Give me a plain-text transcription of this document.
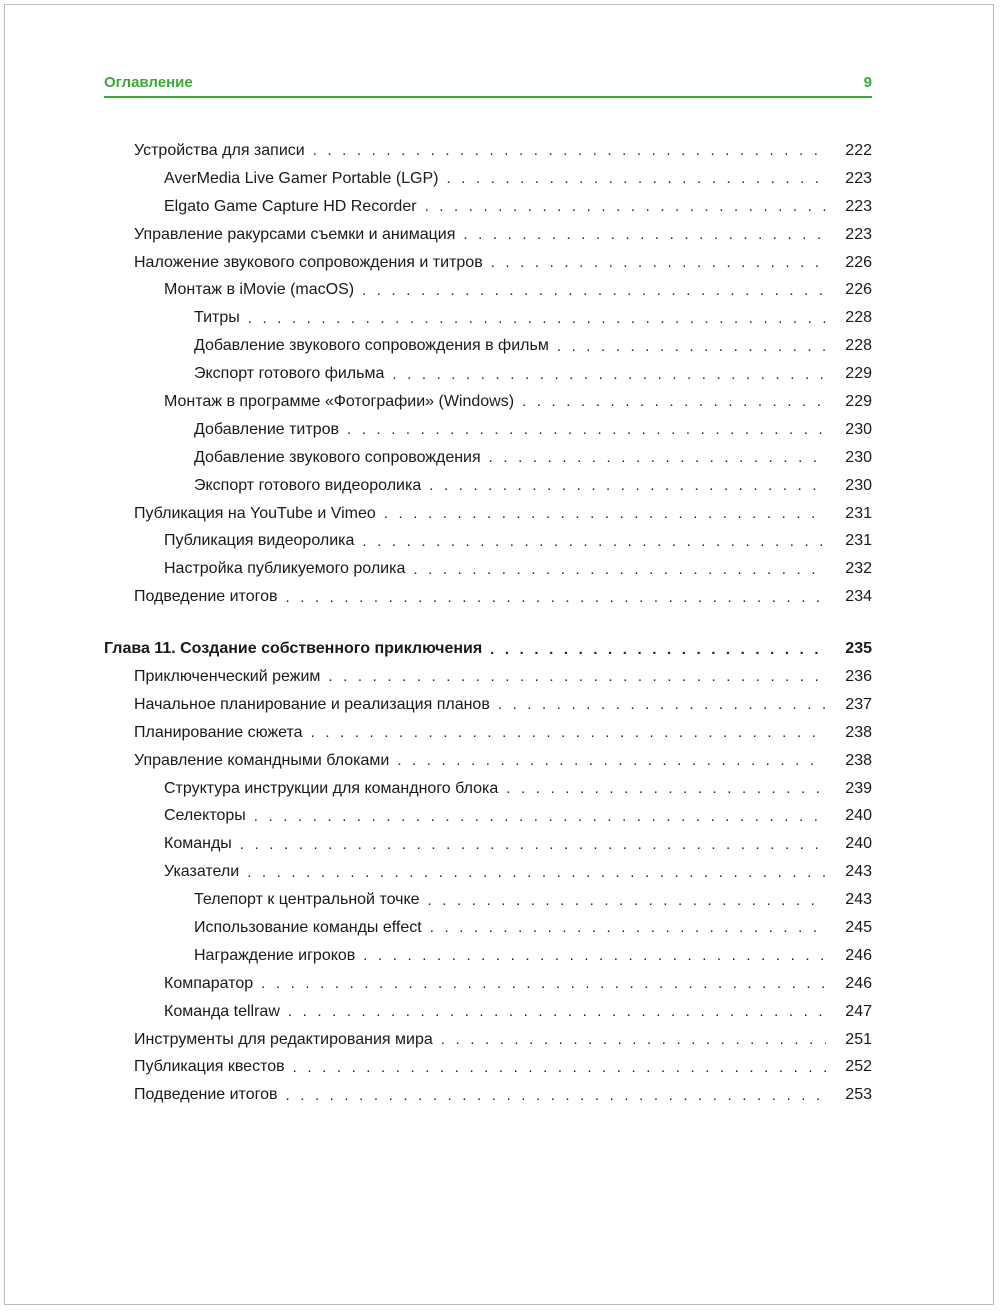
Оглавление	9
Устройства для записи . . .	222
AverMedia Live Gamer Portable (LGP) . . .	223
Elgato Game Capture HD Recorder . . .	223
Управление ракурсами съемки и анимация . . .	223
Наложение звукового сопровождения и титров . . .	226
Монтаж в iMovie (macOS) . . .	226
Титры . . .	228
Добавление звукового сопровождения в фильм . . .	228
Экспорт готового фильма . . .	229
Монтаж в программе «Фотографии» (Windows) . . .	229
Добавление титров . . .	230
Добавление звукового сопровождения . . .	230
Экспорт готового видеоролика . . .	230
Публикация на YouTube и Vimeo . . .	231
Публикация видеоролика . . .	231
Настройка публикуемого ролика . . .	232
Подведение итогов . . .	234
Глава 11. Создание собственного приключения . . .	235
Приключенческий режим . . .	236
Начальное планирование и реализация планов . . .	237
Планирование сюжета . . .	238
Управление командными блоками . . .	238
Структура инструкции для командного блока . . .	239
Селекторы . . .	240
Команды . . .	240
Указатели . . .	243
Телепорт к центральной точке . . .	243
Использование команды effect . . .	245
Награждение игроков . . .	246
Компаратор . . .	246
Команда tellraw . . .	247
Инструменты для редактирования мира . . .	251
Публикация квестов . . .	252
Подведение итогов . . .	253
